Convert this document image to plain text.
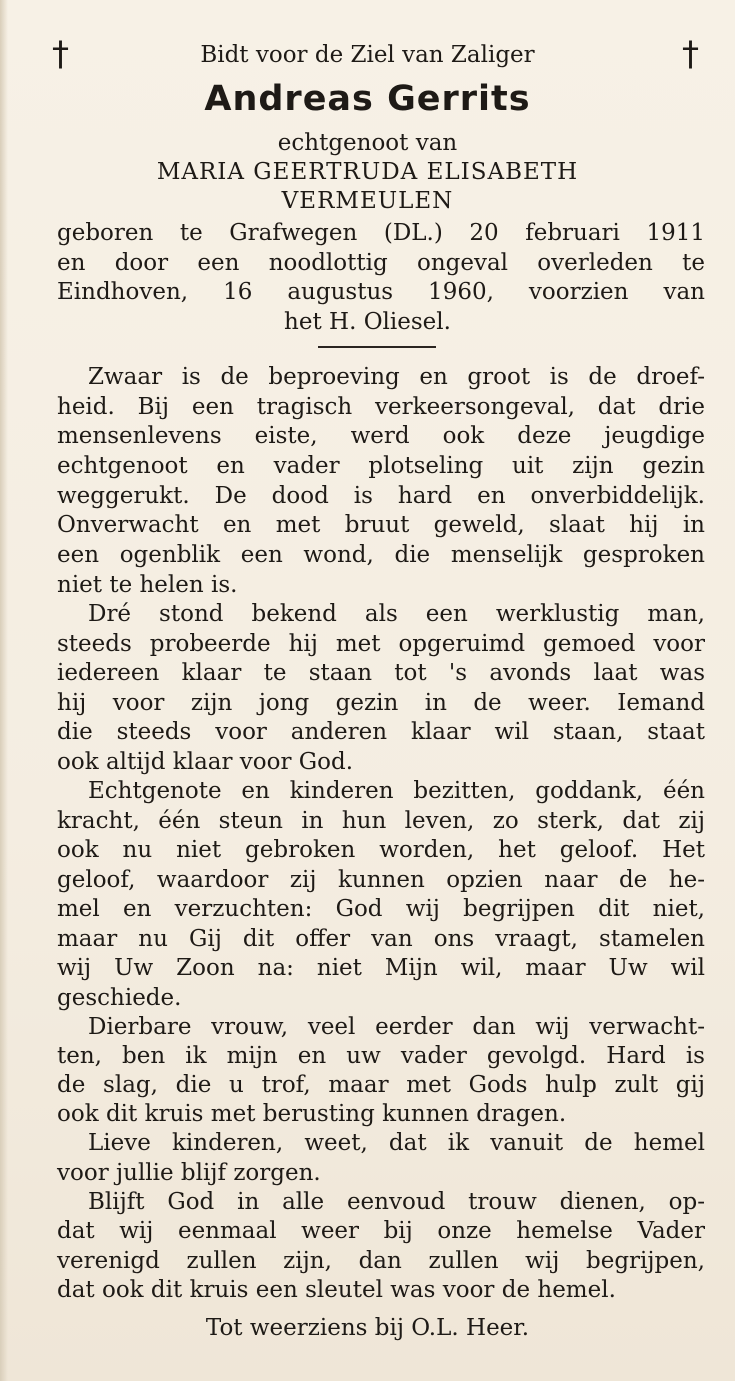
†	†
Bidt voor de Ziel van Zaliger
Andreas Gerrits
echtgenoot van
MARIA GEERTRUDA ELISABETH
VERMEULEN
geboren te Grafwegen (DL.) 20 februari 1911
en door een noodlottig ongeval overleden te
Eindhoven, 16 augustus 1960, voorzien van
het H. Oliesel.
Zwaar is de beproeving en groot is de droef-
heid. Bij een tragisch verkeersongeval, dat drie
mensenlevens eiste, werd ook deze jeugdige
echtgenoot en vader plotseling uit zijn gezin
weggerukt. De dood is hard en onverbiddelijk.
Onverwacht en met bruut geweld, slaat hij in
een ogenblik een wond, die menselijk gesproken
niet te helen is.
Dré stond bekend als een werklustig man,
steeds probeerde hij met opgeruimd gemoed voor
iedereen klaar te staan tot 's avonds laat was
hij voor zijn jong gezin in de weer. Iemand
die steeds voor anderen klaar wil staan, staat
ook altijd klaar voor God.
Echtgenote en kinderen bezitten, goddank, één
kracht, één steun in hun leven, zo sterk, dat zij
ook nu niet gebroken worden, het geloof. Het
geloof, waardoor zij kunnen opzien naar de he-
mel en verzuchten: God wij begrijpen dit niet,
maar nu Gij dit offer van ons vraagt, stamelen
wij Uw Zoon na: niet Mijn wil, maar Uw wil
geschiede.
Dierbare vrouw, veel eerder dan wij verwacht-
ten, ben ik mijn en uw vader gevolgd. Hard is
de slag, die u trof, maar met Gods hulp zult gij
ook dit kruis met berusting kunnen dragen.
Lieve kinderen, weet, dat ik vanuit de hemel
voor jullie blijf zorgen.
Blijft God in alle eenvoud trouw dienen, op-
dat wij eenmaal weer bij onze hemelse Vader
verenigd zullen zijn, dan zullen wij begrijpen,
dat ook dit kruis een sleutel was voor de hemel.
Tot weerziens bij O.L. Heer.
